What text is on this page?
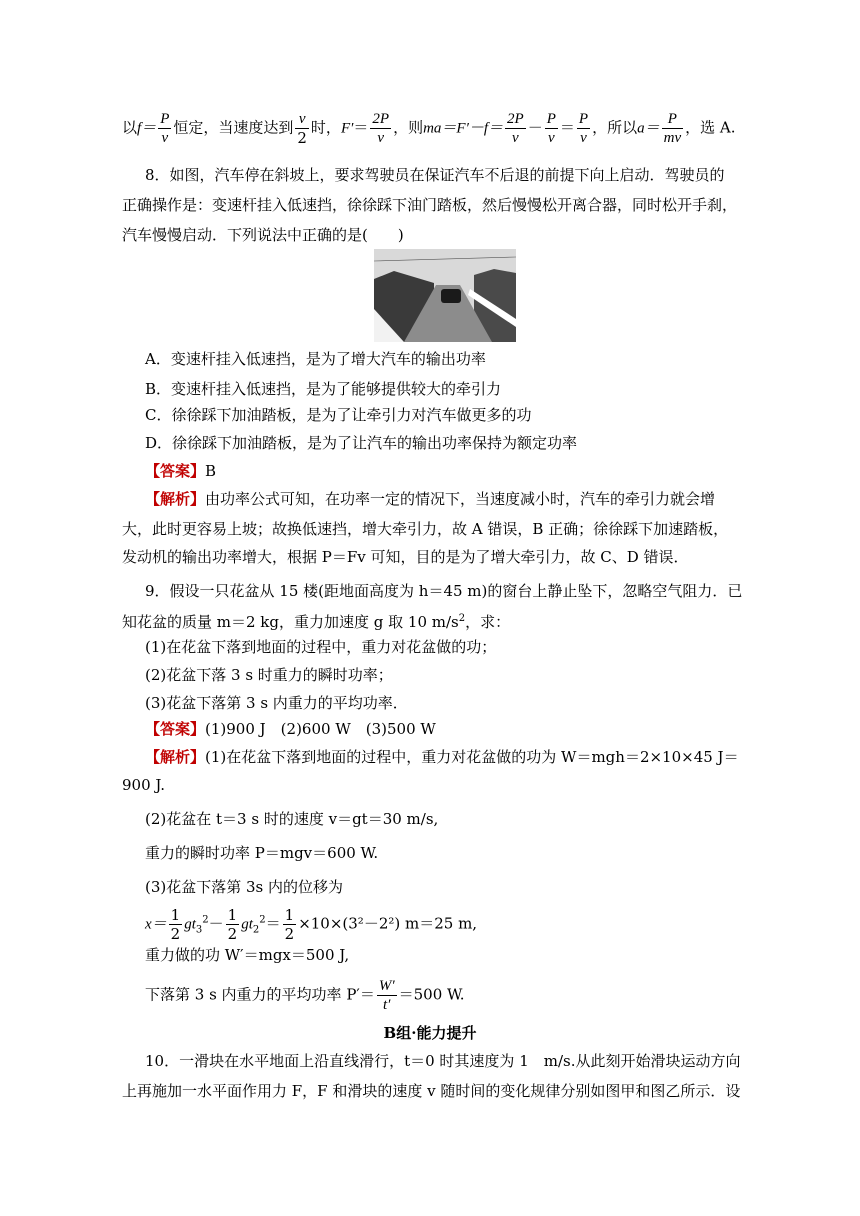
以$f= \frac{P}{v}$ 恒定，当速度达到 $\frac{v}{2}$ 时，$F'= \frac{2P}{v}$ ，则$ma=F'-f= \frac{2P}{v} - \frac{P}{v} = \frac{P}{v}$ ，所以$a= \frac{P}{mv}$ ，选 A.
8．如图，汽车停在斜坡上，要求驾驶员在保证汽车不后退的前提下向上启动．驾驶员的
正确操作是：变速杆挂入低速挡，徐徐踩下油门踏板，然后慢慢松开离合器，同时松开手刹，
汽车慢慢启动．下列说法中正确的是(　　)
A．变速杆挂入低速挡，是为了增大汽车的输出功率
B．变速杆挂入低速挡，是为了能够提供较大的牵引力
C．徐徐踩下加油踏板，是为了让牵引力对汽车做更多的功
D．徐徐踩下加油踏板，是为了让汽车的输出功率保持为额定功率
【答案】B
【解析】由功率公式可知，在功率一定的情况下，当速度减小时，汽车的牵引力就会增
大，此时更容易上坡；故换低速挡，增大牵引力，故 A 错误，B 正确；徐徐踩下加速踏板，
发动机的输出功率增大，根据 P＝Fv 可知，目的是为了增大牵引力，故 C、D 错误．
9．假设一只花盆从 15 楼(距地面高度为 h＝45 m)的窗台上静止坠下，忽略空气阻力．已
知花盆的质量 m＝2 kg，重力加速度 g 取 10 $m/s^2$，求：
(1)在花盆下落到地面的过程中，重力对花盆做的功；
(2)花盆下落 3 s 时重力的瞬时功率；
(3)花盆下落第 3 s 内重力的平均功率．
【答案】(1)900 J　(2)600 W　(3)500 W
【解析】(1)在花盆下落到地面的过程中，重力对花盆做的功为 W＝mgh＝2×10×45 J＝
900 J.
(2)花盆在 t＝3 s 时的速度 v＝gt＝30 m/s,
重力的瞬时功率 P＝mgv＝600 W.
(3)花盆下落第 3s 内的位移为
$x= \frac{1}{2} gt_3^2- \frac{1}{2} gt_2^2= \frac{1}{2} \times 10\times(3^2-2^2)$ m＝25 m,
重力做的功 W′＝mgx＝500 J,
下落第 3 s 内重力的平均功率 $P'= \frac{W'}{t'} =500$ W.
B组·能力提升
10．一滑块在水平地面上沿直线滑行，t＝0 时其速度为 1　m/s.从此刻开始滑块运动方向
上再施加一水平面作用力 F，F 和滑块的速度 v 随时间的变化规律分别如图甲和图乙所示．设
